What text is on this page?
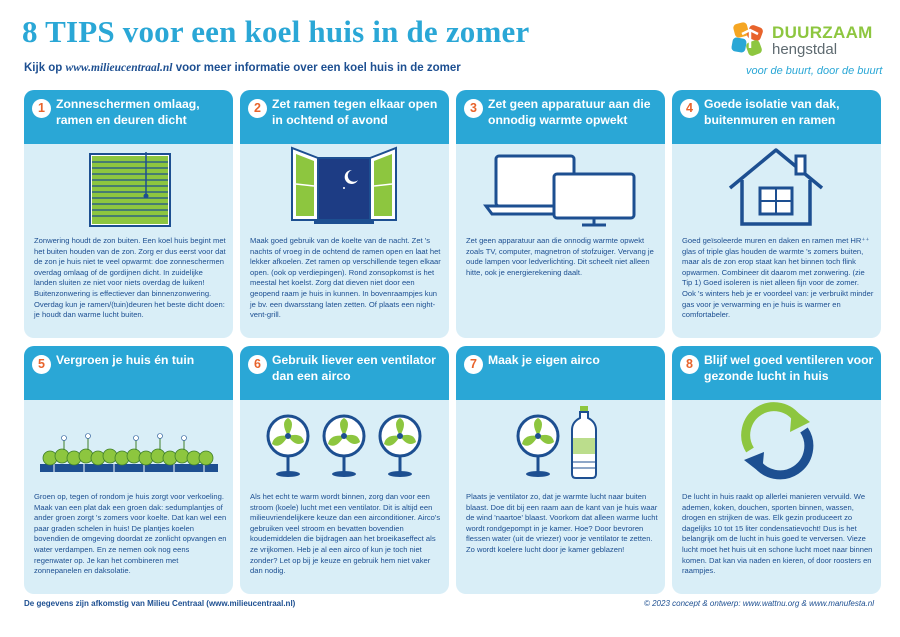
8 TIPS voor een koel huis in de zomer
Kijk op www.milieucentraal.nl voor meer informatie over een koel huis in de zomer
DUURZAAM
hengstdal
voor de buurt, door de buurt
1 Zonneschermen omlaag, ramen en deuren dicht
Zonwering houdt de zon buiten. Een koel huis begint met het buiten houden van de zon. Zorg er dus eerst voor dat de zon je huis niet te veel opwarmt: doe zonneschermen overdag omlaag of de gordijnen dicht. In zuidelijke landen sluiten ze niet voor niets overdag de luiken! Buitenzonwering is effectiever dan binnenzonwering. Overdag kun je ramen/(tuin)deuren het beste dicht doen: je houdt dan warme lucht buiten.
2 Zet ramen tegen elkaar open in ochtend of avond
Maak goed gebruik van de koelte van de nacht. Zet 's nachts of vroeg in de ochtend de ramen open en laat het lekker afkoelen. Zet ramen op verschillende tegen elkaar open. (ook op verdiepingen). Rond zonsopkomst is het meestal het koelst. Zorg dat dieven niet door een geopend raam je huis in kunnen. In bovenraampjes kun je bv. een dwarsstang laten zetten. Of plaats een night-vent-grill.
3 Zet geen apparatuur aan die onnodig warmte opwekt
Zet geen apparatuur aan die onnodig warmte opwekt zoals TV, computer, magnetron of stofzuiger. Vervang je oude lampen voor ledverlichting. Dit scheelt niet alleen hitte, ook je energierekening daalt.
4 Goede isolatie van dak, buitenmuren en ramen
Goed geïsoleerde muren en daken en ramen met HR⁺⁺ glas of triple glas houden de warmte 's zomers buiten, maar als de zon erop staat kan het binnen toch flink opwarmen. Combineer dit daarom met zonwering. (zie Tip 1) Goed isoleren is niet alleen fijn voor de zomer. Ook 's winters heb je er voordeel van: je verbruikt minder gas voor je verwarming en je huis is warmer en comfortabeler.
5 Vergroen je huis én tuin
Groen op, tegen of rondom je huis zorgt voor verkoeling. Maak van een plat dak een groen dak: sedumplantjes of ander groen zorgt 's zomers voor koelte. Dat kan wel een paar graden schelen in huis! De plantjes koelen bovendien de omgeving doordat ze zonlicht opvangen en water verdampen. En ze nemen ook nog eens regenwater op. Je kan het combineren met zonnepanelen en daksolatie.
6 Gebruik liever een ventilator dan een airco
Als het echt te warm wordt binnen, zorg dan voor een stroom (koele) lucht met een ventilator. Dit is altijd een milieuvriendelijkere keuze dan een airconditioner. Airco's gebruiken veel stroom en bevatten bovendien koudemiddelen die bijdragen aan het broeikaseffect als ze vrijkomen. Heb je al een airco of kun je toch niet zonder? Let op bij je keuze en gebruik hem niet vaker dan nodig.
7 Maak je eigen airco
Plaats je ventilator zo, dat je warmte lucht naar buiten blaast. Doe dit bij een raam aan de kant van je huis waar de wind 'naartoe' blaast. Voorkom dat alleen warme lucht wordt rondgepompt in je kamer. Hoe? Door bevroren flessen water (uit de vriezer) voor je ventilator te zetten. Zo wordt koelere lucht door je kamer geblazen!
8 Blijf wel goed ventileren voor gezonde lucht in huis
De lucht in huis raakt op allerlei manieren vervuild. We ademen, koken, douchen, sporten binnen, wassen, drogen en strijken de was. Elk gezin produceert zo dagelijks 10 tot 15 liter condensatievocht! Dus is het belangrijk om de lucht in huis goed te verversen. Vieze lucht moet het huis uit en schone lucht moet naar binnen komen. Dat kan via naden en kieren, of door roosters en raampjes.
De gegevens zijn afkomstig van Milieu Centraal (www.milieucentraal.nl)	© 2023 concept & ontwerp: www.wattnu.org & www.manufesta.nl
